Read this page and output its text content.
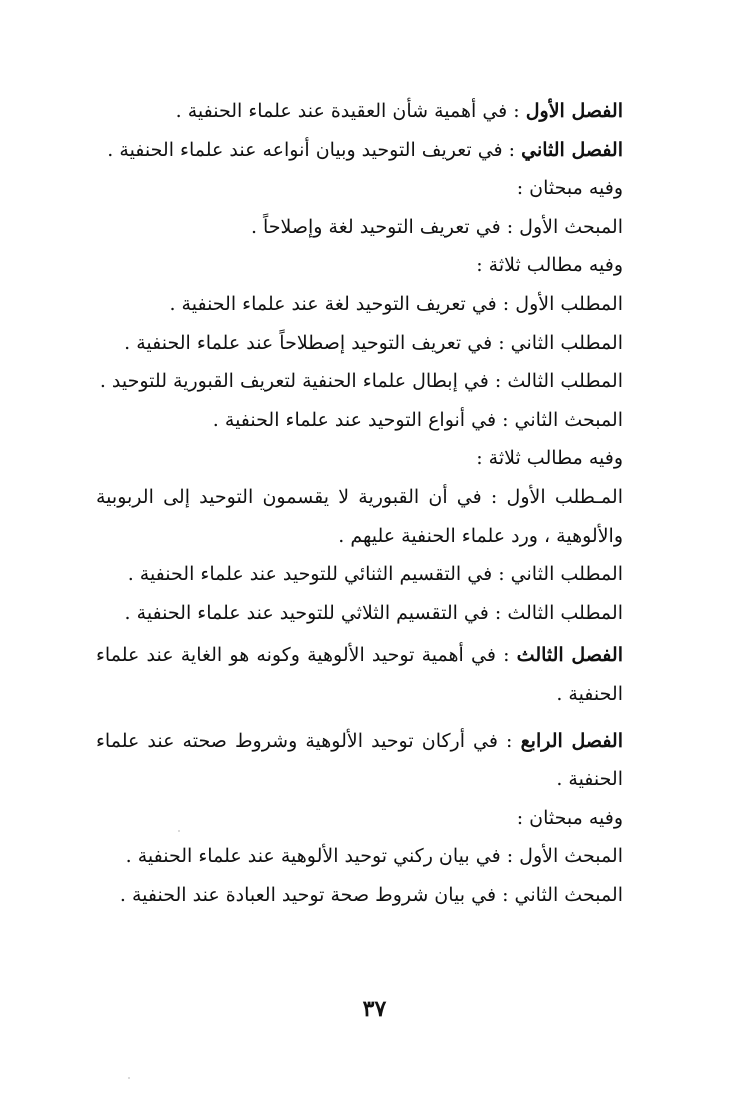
الفصل الأول : في أهمية شأن العقيدة عند علماء الحنفية .

الفصل الثاني : في تعريف التوحيد وبيان أنواعه عند علماء الحنفية .

وفيه مبحثان :

المبحث الأول : في تعريف التوحيد لغة وإصلاحاً .

وفيه مطالب ثلاثة :

المطلب الأول : في تعريف التوحيد لغة عند علماء الحنفية .

المطلب الثاني : في تعريف التوحيد إصطلاحاً عند علماء الحنفية .

المطلب الثالث : في إبطال علماء الحنفية لتعريف القبورية للتوحيد .

المبحث الثاني : في أنواع التوحيد عند علماء الحنفية .

وفيه مطالب ثلاثة :

المـطلب الأول : في أن القبورية لا يقسمون التوحيد إلى الربوبية والألوهية ، ورد علماء الحنفية عليهم .

المطلب الثاني : في التقسيم الثنائي للتوحيد عند علماء الحنفية .

المطلب الثالث : في التقسيم الثلاثي للتوحيد عند علماء الحنفية .

الفصل الثالث : في أهمية توحيد الألوهية وكونه هو الغاية عند علماء الحنفية .

الفصل الرابع : في أركان توحيد الألوهية وشروط صحته عند علماء الحنفية .

وفيه مبحثان :

المبحث الأول : في بيان ركني توحيد الألوهية عند علماء الحنفية .

المبحث الثاني : في بيان شروط صحة توحيد العبادة عند الحنفية .

٣٧
